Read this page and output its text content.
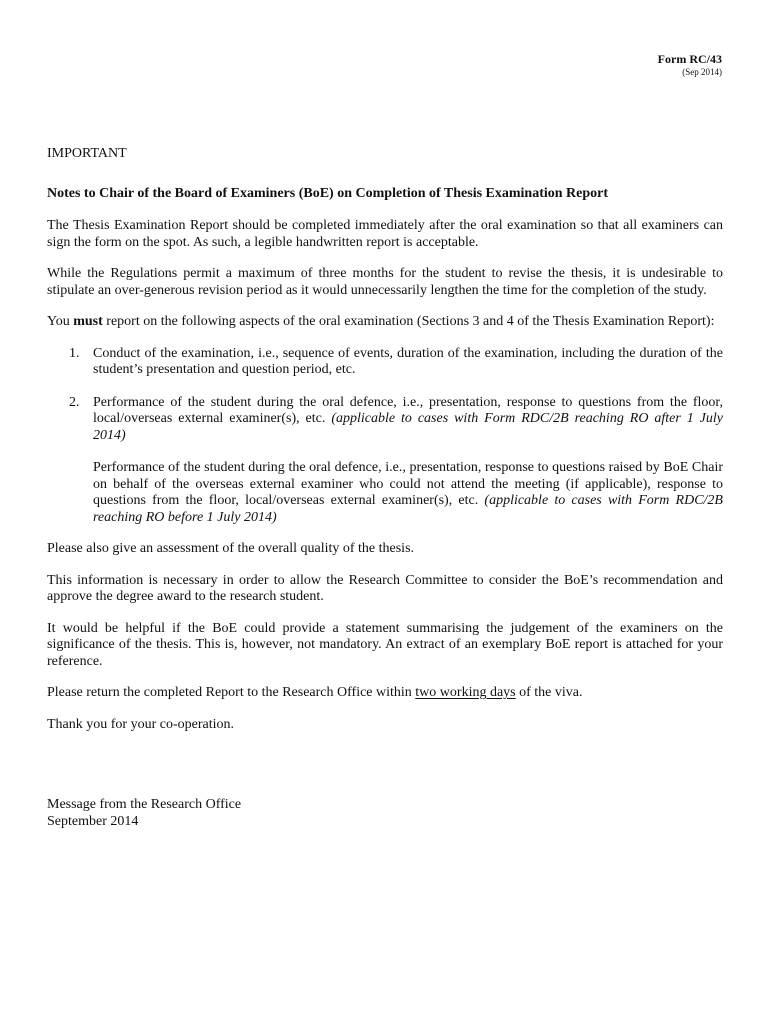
Form RC/43
(Sep 2014)

IMPORTANT

Notes to Chair of the Board of Examiners (BoE) on Completion of Thesis Examination Report

The Thesis Examination Report should be completed immediately after the oral examination so that all examiners can sign the form on the spot. As such, a legible handwritten report is acceptable.

While the Regulations permit a maximum of three months for the student to revise the thesis, it is undesirable to stipulate an over-generous revision period as it would unnecessarily lengthen the time for the completion of the study.

You must report on the following aspects of the oral examination (Sections 3 and 4 of the Thesis Examination Report):

1. Conduct of the examination, i.e., sequence of events, duration of the examination, including the duration of the student’s presentation and question period, etc.
2. Performance of the student during the oral defence, i.e., presentation, response to questions from the floor, local/overseas external examiner(s), etc. (applicable to cases with Form RDC/2B reaching RO after 1 July 2014)

Performance of the student during the oral defence, i.e., presentation, response to questions raised by BoE Chair on behalf of the overseas external examiner who could not attend the meeting (if applicable), response to questions from the floor, local/overseas external examiner(s), etc. (applicable to cases with Form RDC/2B reaching RO before 1 July 2014)

Please also give an assessment of the overall quality of the thesis.

This information is necessary in order to allow the Research Committee to consider the BoE’s recommendation and approve the degree award to the research student.

It would be helpful if the BoE could provide a statement summarising the judgement of the examiners on the significance of the thesis. This is, however, not mandatory. An extract of an exemplary BoE report is attached for your reference.

Please return the completed Report to the Research Office within two working days of the viva.

Thank you for your co-operation.

Message from the Research Office

September 2014
